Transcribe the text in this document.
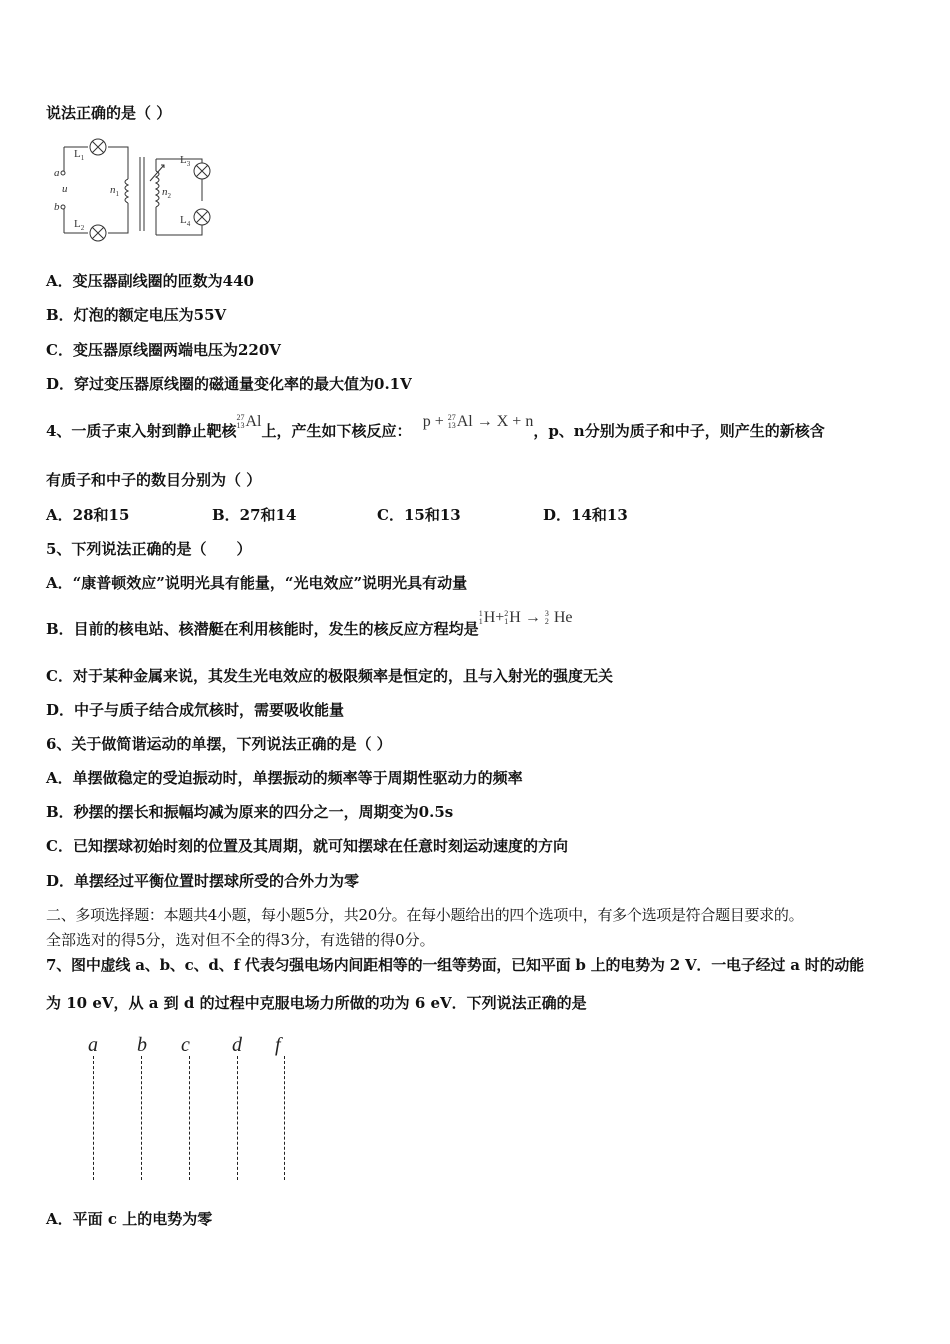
说法正确的是（ ）
$L_1$
$L_2$
$L_3$
$L_4$
a
b
u	$n_1$	$n_2$
A．变压器副线圈的匝数为440
B．灯泡的额定电压为55V
C．变压器原线圈两端电压为220V
D．穿过变压器原线圈的磁通量变化率的最大值为0.1V
4、一质子束入射到静止靶核
27
13 Al上，产生如下核反应： p + 27
13 Al → X + n，p、n分别为质子和中子，则产生的新核含
有质子和中子的数目分别为（ ）
A．28和15	B．27和14	C．15和13	D．14和13
5、下列说法正确的是（　　）
A．“康普顿效应”说明光具有能量，“光电效应”说明光具有动量
B．目前的核电站、核潜艇在利用核能时，发生的核反应方程均是
1
1 H+ 2
1 H → 3
2 He
C．对于某种金属来说，其发生光电效应的极限频率是恒定的，且与入射光的强度无关
D．中子与质子结合成氘核时，需要吸收能量
6、关于做简谐运动的单摆，下列说法正确的是（ ）
A．单摆做稳定的受迫振动时，单摆振动的频率等于周期性驱动力的频率
B．秒摆的摆长和振幅均减为原来的四分之一，周期变为0.5s
C．已知摆球初始时刻的位置及其周期，就可知摆球在任意时刻运动速度的方向
D．单摆经过平衡位置时摆球所受的合外力为零
二、多项选择题：本题共4小题，每小题5分，共20分。在每小题给出的四个选项中，有多个选项是符合题目要求的。
全部选对的得5分，选对但不全的得3分，有选错的得0分。
7、图中虚线 a、b、c、d、f 代表匀强电场内间距相等的一组等势面，已知平面 b 上的电势为 2 V．一电子经过 a 时的动能
为 10 eV，从 a 到 d 的过程中克服电场力所做的功为 6 eV．下列说法正确的是
a b c d f
A．平面 c 上的电势为零
